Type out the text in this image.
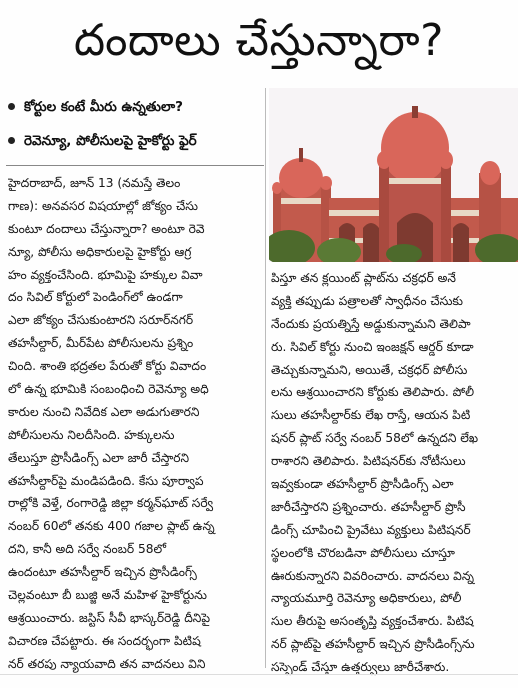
దందాలు చేస్తున్నారా?
కోర్టుల కంటే మీరు ఉన్నతులా?
రెవెన్యూ, పోలీసులపై హైకోర్టు ఫైర్
హైదరాబాద్, జూన్ 13 (నమస్తే తెలం
గాణ): అనవసర విషయాల్లో జోక్యం చేసు
కుంటూ దందాలు చేస్తున్నారా? అంటూ రెవె
న్యూ, పోలీసు అధికారులపై హైకోర్టు ఆగ్ర
హం వ్యక్తంచేసింది. భూమిపై హక్కుల వివా
దం సివిల్ కోర్టులో పెండింగ్‌లో ఉండగా
ఎలా జోక్యం చేసుకుంటారని సరూర్‌నగర్
తహసీల్దార్, మీర్‌పేట పోలీసులను ప్రశ్నిం
చింది. శాంతి భద్రతల పేరుతో కోర్టు వివాదం
లో ఉన్న భూమికి సంబంధించి రెవెన్యూ అధి
కారుల నుంచి నివేదిక ఎలా అడుగుతారని
పోలీసులను నిలదీసింది. హక్కులను
తేలుస్తూ ప్రొసీడింగ్స్ ఎలా జారీ చేస్తారని
తహసీల్దార్‌పై మండిపడింది. కేసు పూర్వాప
రాల్లోకి వెళ్తే, రంగారెడ్డి జిల్లా కర్మన్‌ఘాట్ సర్వే
నంబర్ 60లో తనకు 400 గజాల ప్లాట్ ఉన్న
దని, కానీ అది సర్వే నంబర్ 58లో
ఉందంటూ తహసీల్దార్ ఇచ్చిన ప్రొసీడింగ్స్
చెల్లవంటూ బీ బుజ్జి అనే మహిళ హైకోర్టును
ఆశ్రయించారు. జస్టిస్ సీవీ భాస్కర్‌రెడ్డి దీనిపై
విచారణ చేపట్టారు. ఈ సందర్భంగా పిటిష
నర్ తరపు న్యాయవాది తన వాదనలు విని
పిస్తూ తన క్లయింట్ ప్లాట్‌ను చక్రధర్ అనే
వ్యక్తి తప్పుడు పత్రాలతో స్వాధీనం చేసుకు
నేందుకు ప్రయత్నిస్తే అడ్డుకున్నామని తెలిపా
రు. సివిల్ కోర్టు నుంచి ఇంజక్షన్ ఆర్డర్ కూడా
తెచ్చుకున్నామని, అయితే, చక్రధర్ పోలీసు
లను ఆశ్రయించారని కోర్టుకు తెలిపారు. పోలీ
సులు తహసీల్దార్‌కు లేఖ రాస్తే, ఆయన పిటి
షనర్ ప్లాట్ సర్వే నంబర్ 58లో ఉన్నదని లేఖ
రాశారని తెలిపారు. పిటిషనర్‌కు నోటీసులు
ఇవ్వకుండా తహసీల్దార్ ప్రొసీడింగ్స్ ఎలా
జారీచేస్తారని ప్రశ్నించారు. తహసీల్దార్ ప్రొసీ
డింగ్స్ చూపించి ప్రైవేటు వ్యక్తులు పిటిషనర్
స్థలంలోకి చొరబడినా పోలీసులు చూస్తూ
ఊరుకున్నారని వివరించారు. వాదనలు విన్న
న్యాయమూర్తి రెవెన్యూ అధికారులు, పోలీ
సుల తీరుపై అసంతృప్తి వ్యక్తంచేశారు. పిటిష
నర్ ప్లాట్‌పై తహసీల్దార్ ఇచ్చిన ప్రొసీడింగ్స్‌ను
సస్పెండ్ చేస్తూ ఉత్తర్వులు జారీచేశారు.
